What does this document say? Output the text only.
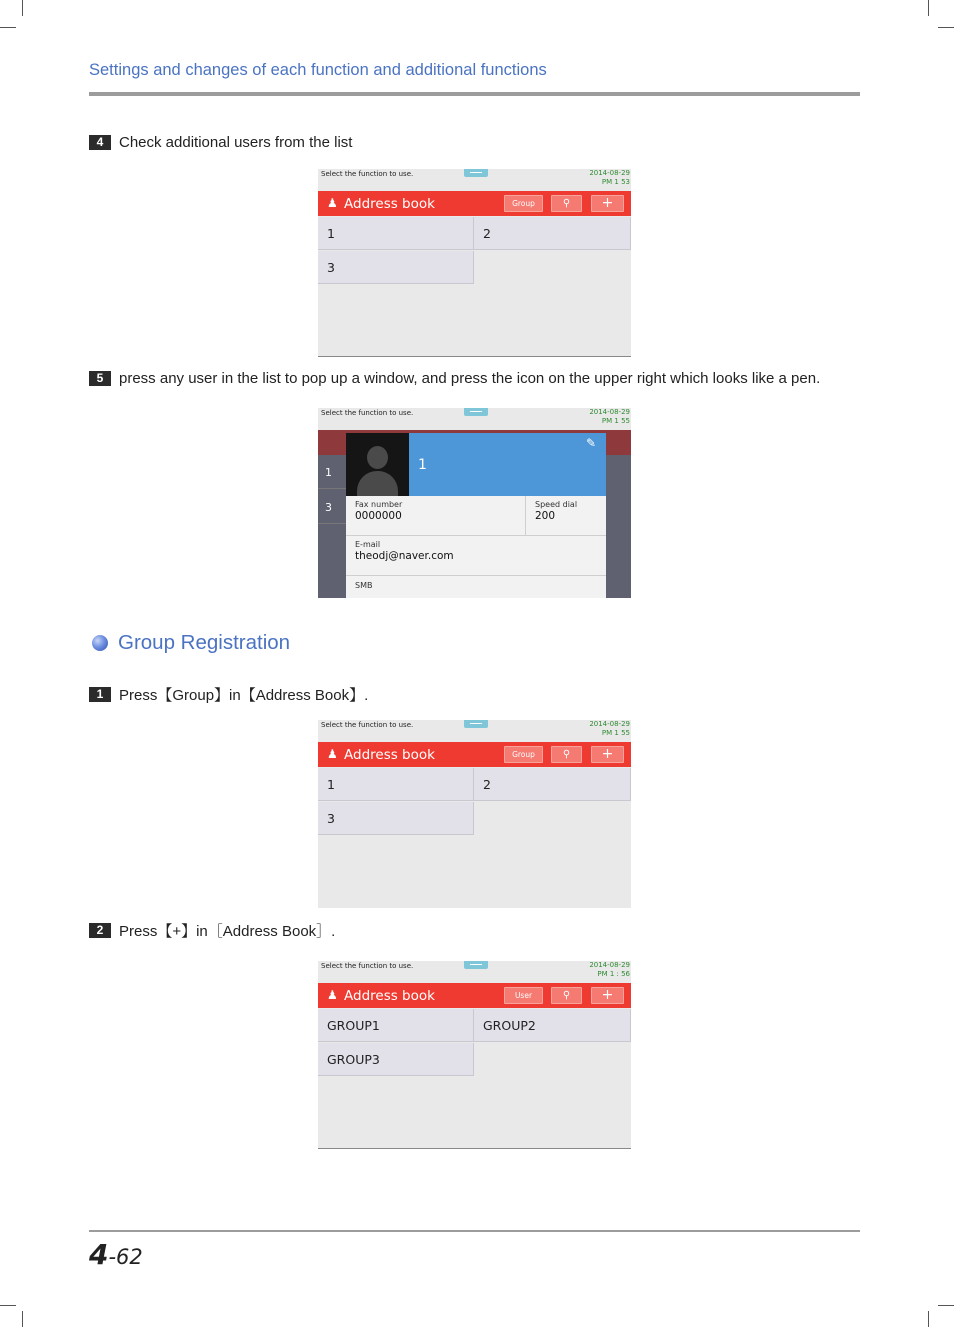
Settings and changes of each function and additional functions
4	Check additional users from the list
Select the function to use.	2014-08-29
PM 1 53
♟ Address book	Group	⚲	+
1	2
3
5	press any user in the list to pop up a window, and press the icon on the upper right which looks like a pen.
Select the function to use.	2014-08-29
PM 1 55
1
3
1
✎
Fax number
0000000
Speed dial
200
E-mail
theodj@naver.com
SMB
Group Registration
1	Press【Group】in【Address Book】.
Select the function to use.	2014-08-29
PM 1 55
♟ Address book	Group	⚲	+
1	2
3
2	Press【+】in［Address Book］.
Select the function to use.	2014-08-29
PM 1 : 56
♟ Address book	User	⚲	+
GROUP1	GROUP2
GROUP3
4 -62
